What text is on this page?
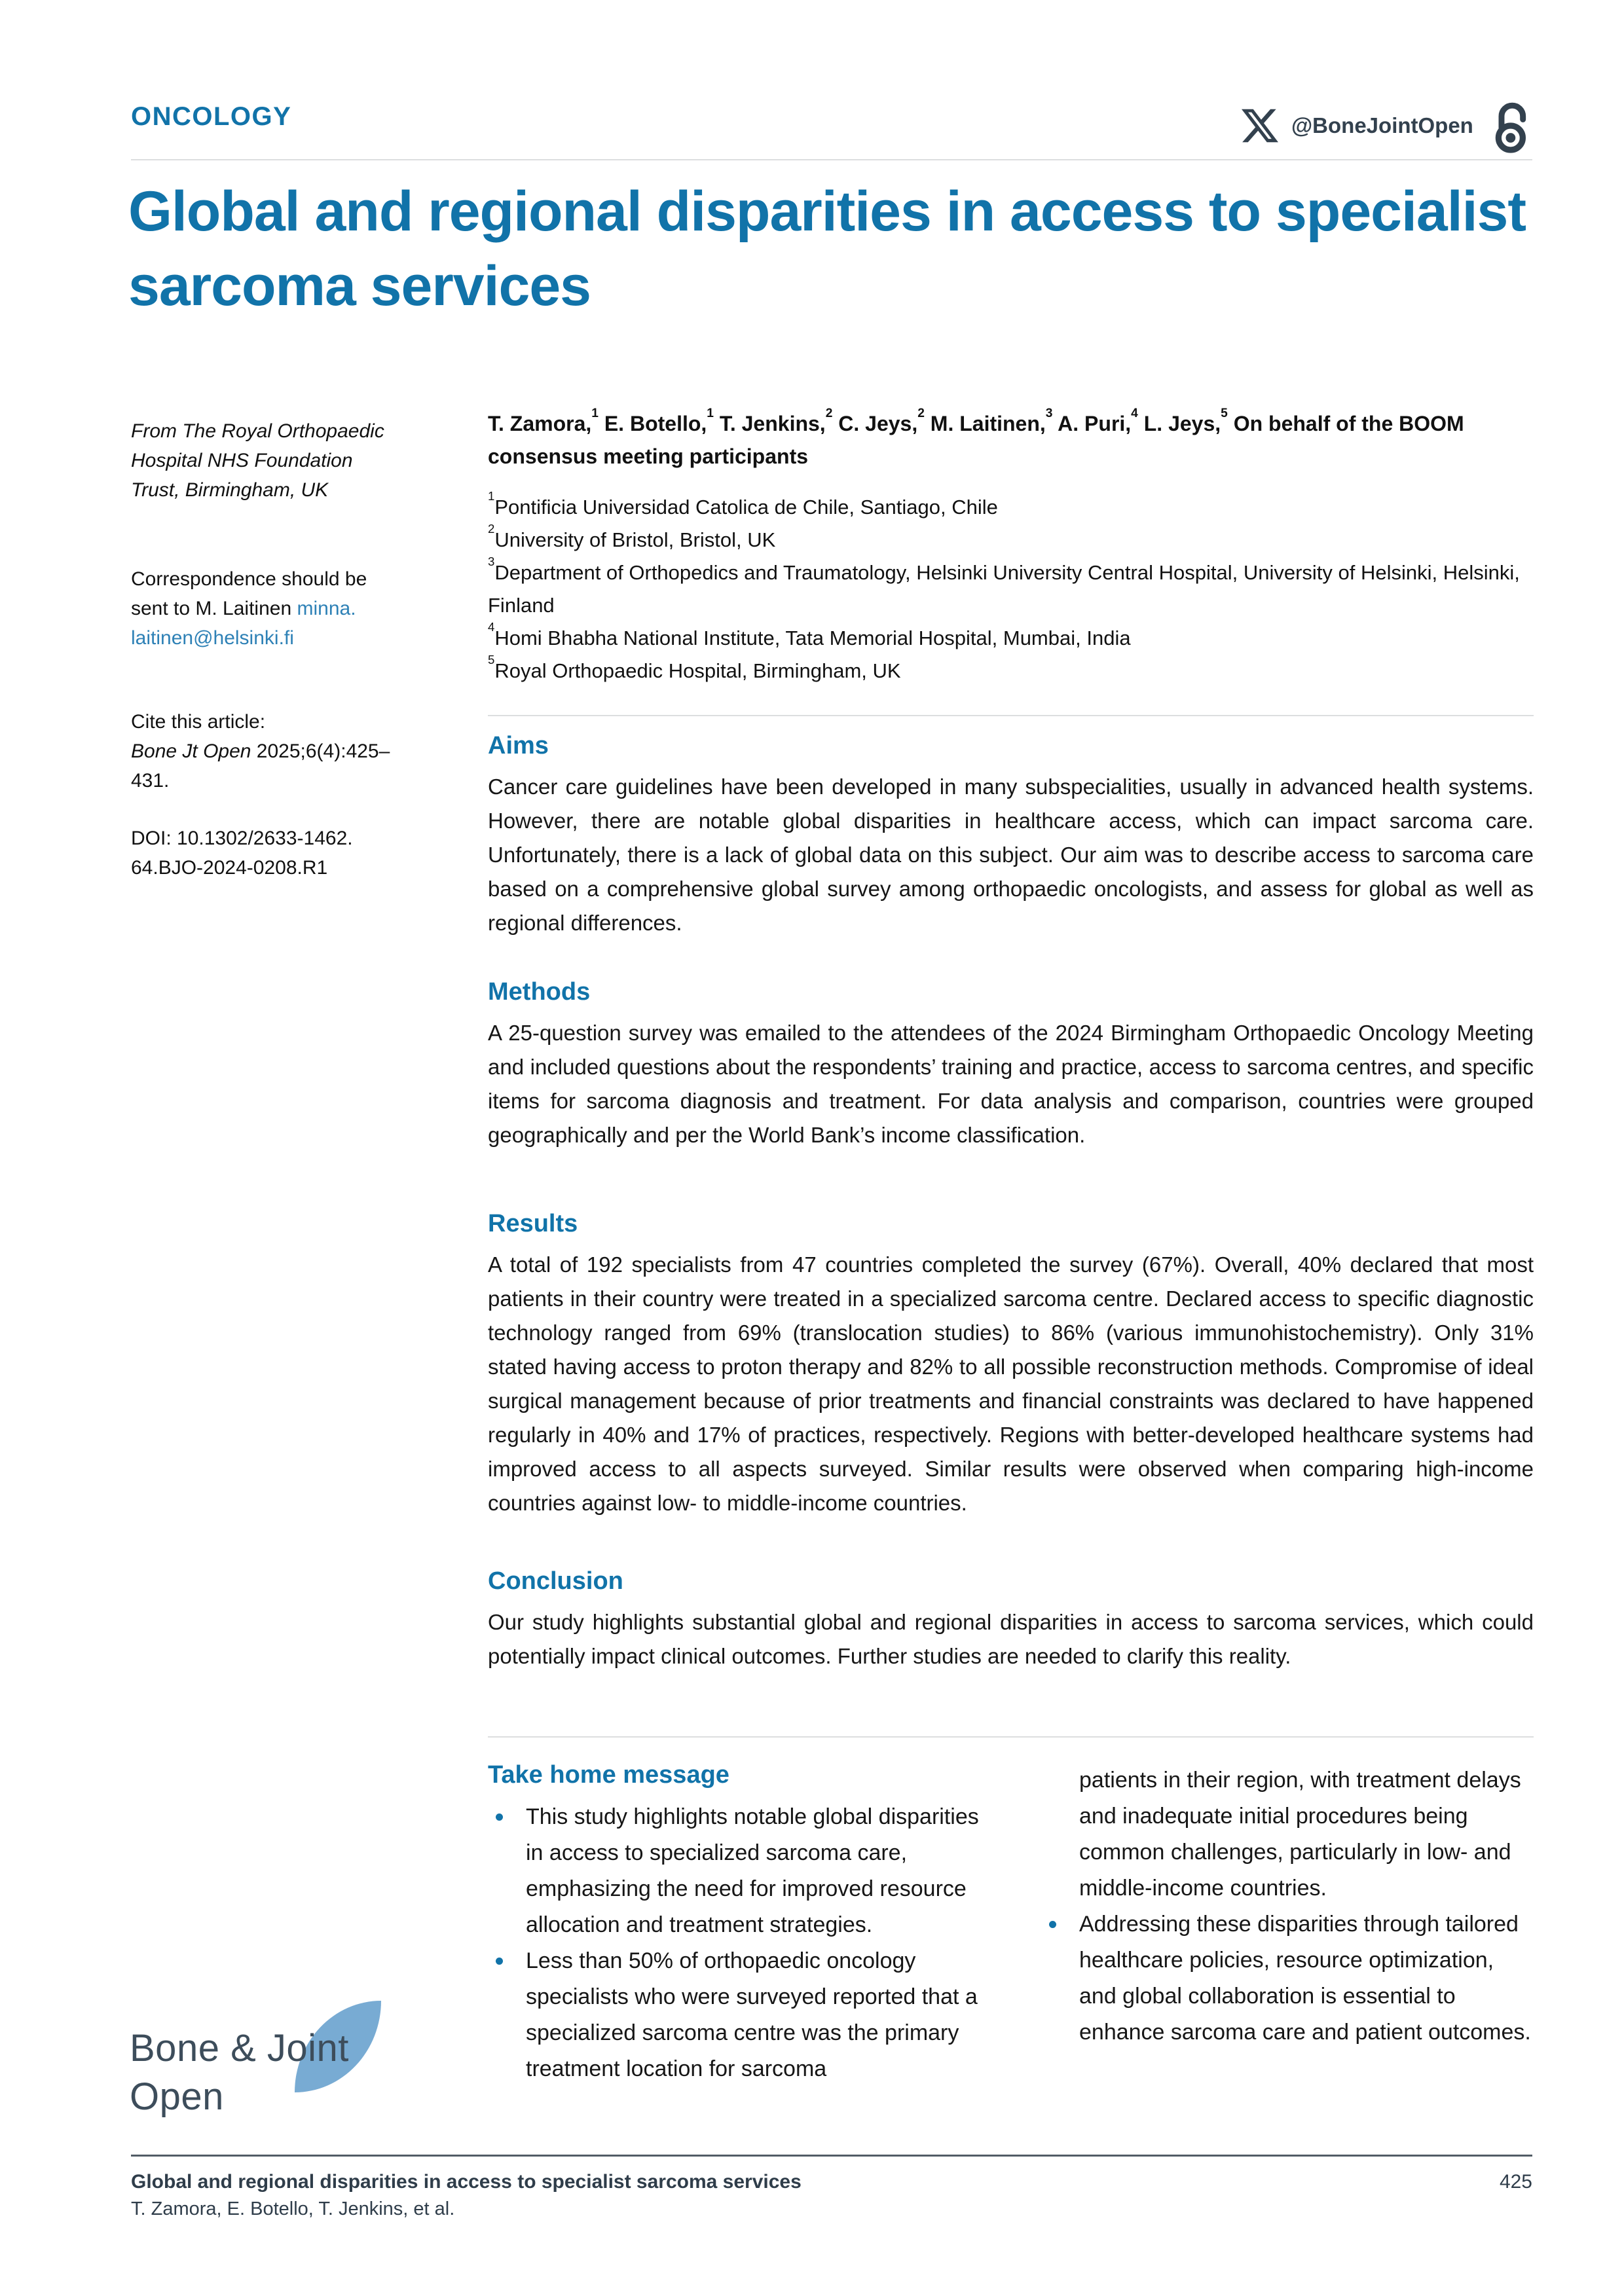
ONCOLOGY	@BoneJointOpen
Global and regional disparities in access to specialist sarcoma services
From The Royal Orthopaedic Hospital NHS Foundation Trust, Birmingham, UK
Correspondence should be sent to M. Laitinen minna.laitinen@helsinki.fi
Cite this article:
Bone Jt Open 2025;6(4):425–431.
DOI: 10.1302/2633-1462.
64.BJO-2024-0208.R1
T. Zamora,$^1$ E. Botello,$^1$ T. Jenkins,$^2$ C. Jeys,$^2$ M. Laitinen,$^3$ A. Puri,$^4$ L. Jeys,$^5$ On behalf of the BOOM consensus meeting participants
$^1$Pontificia Universidad Catolica de Chile, Santiago, Chile
$^2$University of Bristol, Bristol, UK
$^3$Department of Orthopedics and Traumatology, Helsinki University Central Hospital, University of Helsinki, Helsinki, Finland
$^4$Homi Bhabha National Institute, Tata Memorial Hospital, Mumbai, India
$^5$Royal Orthopaedic Hospital, Birmingham, UK
Aims

Cancer care guidelines have been developed in many subspecialities, usually in advanced health systems. However, there are notable global disparities in healthcare access, which can impact sarcoma care. Unfortunately, there is a lack of global data on this subject. Our aim was to describe access to sarcoma care based on a comprehensive global survey among orthopaedic oncologists, and assess for global as well as regional differences.

Methods

A 25-question survey was emailed to the attendees of the 2024 Birmingham Orthopaedic Oncology Meeting and included questions about the respondents’ training and practice, access to sarcoma centres, and specific items for sarcoma diagnosis and treatment. For data analysis and comparison, countries were grouped geographically and per the World Bank’s income classification.

Results

A total of 192 specialists from 47 countries completed the survey (67%). Overall, 40% declared that most patients in their country were treated in a specialized sarcoma centre. Declared access to specific diagnostic technology ranged from 69% (translocation studies) to 86% (various immunohistochemistry). Only 31% stated having access to proton therapy and 82% to all possible reconstruction methods. Compromise of ideal surgical management because of prior treatments and financial constraints was declared to have happened regularly in 40% and 17% of practices, respectively. Regions with better-developed healthcare systems had improved access to all aspects surveyed. Similar results were observed when comparing high-income countries against low- to middle-income countries.

Conclusion

Our study highlights substantial global and regional disparities in access to sarcoma services, which could potentially impact clinical outcomes. Further studies are needed to clarify this reality.

Take home message
This study highlights notable global disparities in access to specialized sarcoma care, emphasizing the need for improved resource allocation and treatment strategies.
Less than 50% of orthopaedic oncology specialists who were surveyed reported that a specialized sarcoma centre was the primary treatment location for sarcoma
patients in their region, with treatment delays and inadequate initial procedures being common challenges, particularly in low- and middle-income countries.
Addressing these disparities through tailored healthcare policies, resource optimization, and global collaboration is essential to enhance sarcoma care and patient outcomes.
Bone & Joint
Open
Global and regional disparities in access to specialist sarcoma services	425
T. Zamora, E. Botello, T. Jenkins, et al.
